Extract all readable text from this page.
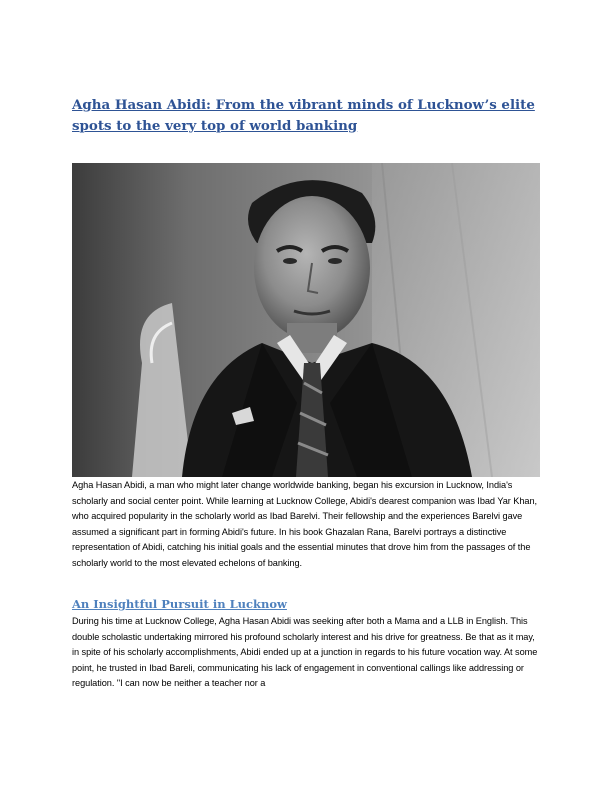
Agha Hasan Abidi: From the vibrant minds of Lucknow’s elite spots to the very top of world banking

Agha Hasan Abidi, a man who might later change worldwide banking, began his excursion in Lucknow, India's scholarly and social center point. While learning at Lucknow College, Abidi's dearest companion was Ibad Yar Khan, who acquired popularity in the scholarly world as Ibad Barelvi. Their fellowship and the experiences Barelvi gave assumed a significant part in forming Abidi's future. In his book Ghazalan Rana, Barelvi portrays a distinctive representation of Abidi, catching his initial goals and the essential minutes that drove him from the passages of the scholarly world to the most elevated echelons of banking.

An Insightful Pursuit in Lucknow

During his time at Lucknow College, Agha Hasan Abidi was seeking after both a Mama and a LLB in English. This double scholastic undertaking mirrored his profound scholarly interest and his drive for greatness. Be that as it may, in spite of his scholarly accomplishments, Abidi ended up at a junction in regards to his future vocation way. At some point, he trusted in Ibad Bareli, communicating his lack of engagement in conventional callings like addressing or regulation. "I can now be neither a teacher nor a
